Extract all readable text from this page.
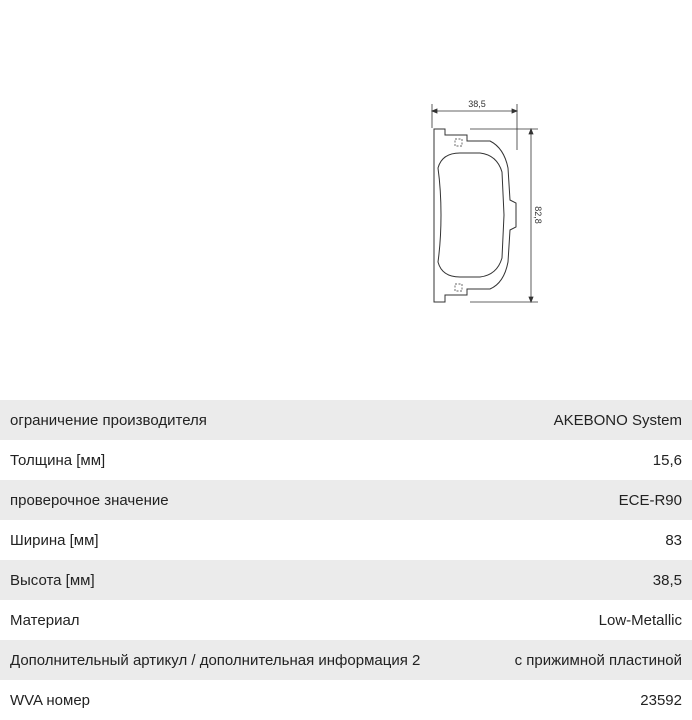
38,5
82,8
ограничение производителя	AKEBONO System
Толщина [мм]	15,6
проверочное значение	ECE-R90
Ширина [мм]	83
Высота [мм]	38,5
Материал	Low-Metallic
Дополнительный артикул / дополнительная информация 2	с прижимной пластиной
WVA номер	23592
